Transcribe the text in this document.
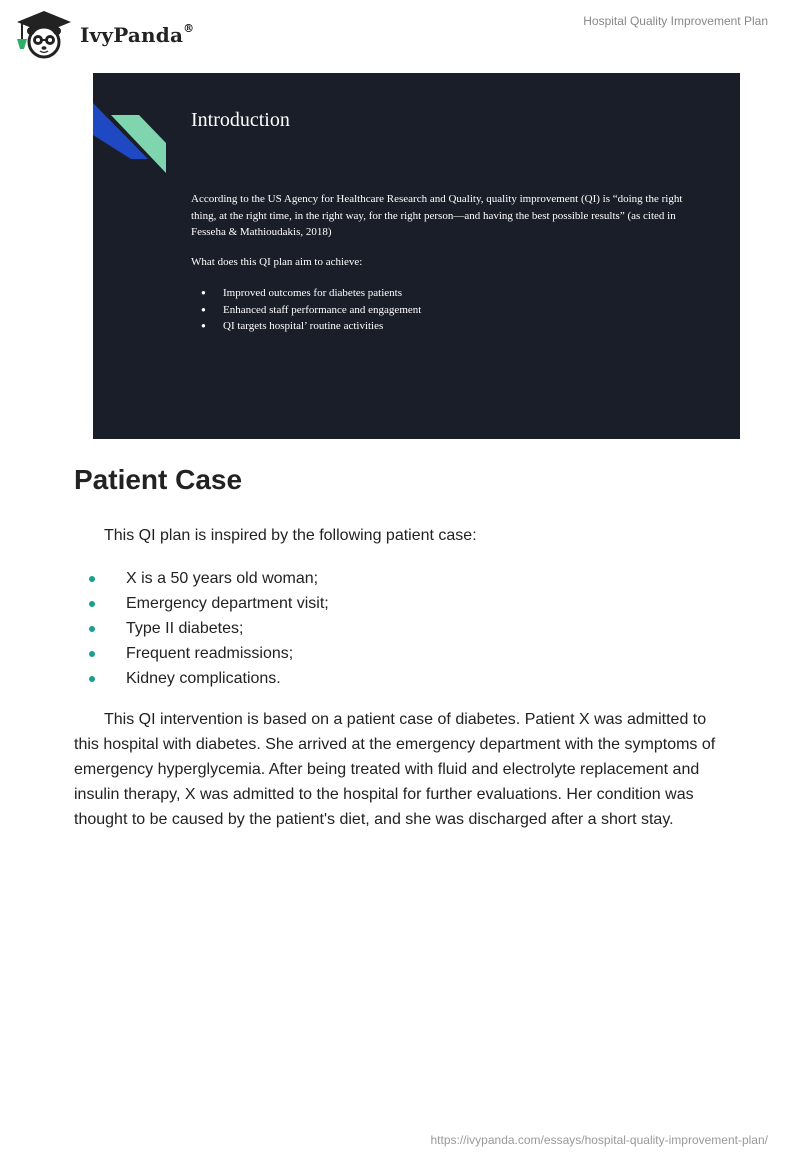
IvyPanda®
Hospital Quality Improvement Plan
Introduction
According to the US Agency for Healthcare Research and Quality, quality improvement (QI) is “doing the right thing, at the right time, in the right way, for the right person—and having the best possible results” (as cited in Fesseha & Mathioudakis, 2018)
What does this QI plan aim to achieve:
● Improved outcomes for diabetes patients
● Enhanced staff performance and engagement
● QI targets hospital’ routine activities
Patient Case

This QI plan is inspired by the following patient case:

X is a 50 years old woman;
Emergency department visit;
Type II diabetes;
Frequent readmissions;
Kidney complications.

This QI intervention is based on a patient case of diabetes. Patient X was admitted to this hospital with diabetes. She arrived at the emergency department with the symptoms of emergency hyperglycemia. After being treated with fluid and electrolyte replacement and insulin therapy, X was admitted to the hospital for further evaluations. Her condition was thought to be caused by the patient's diet, and she was discharged after a short stay.

https://ivypanda.com/essays/hospital-quality-improvement-plan/
